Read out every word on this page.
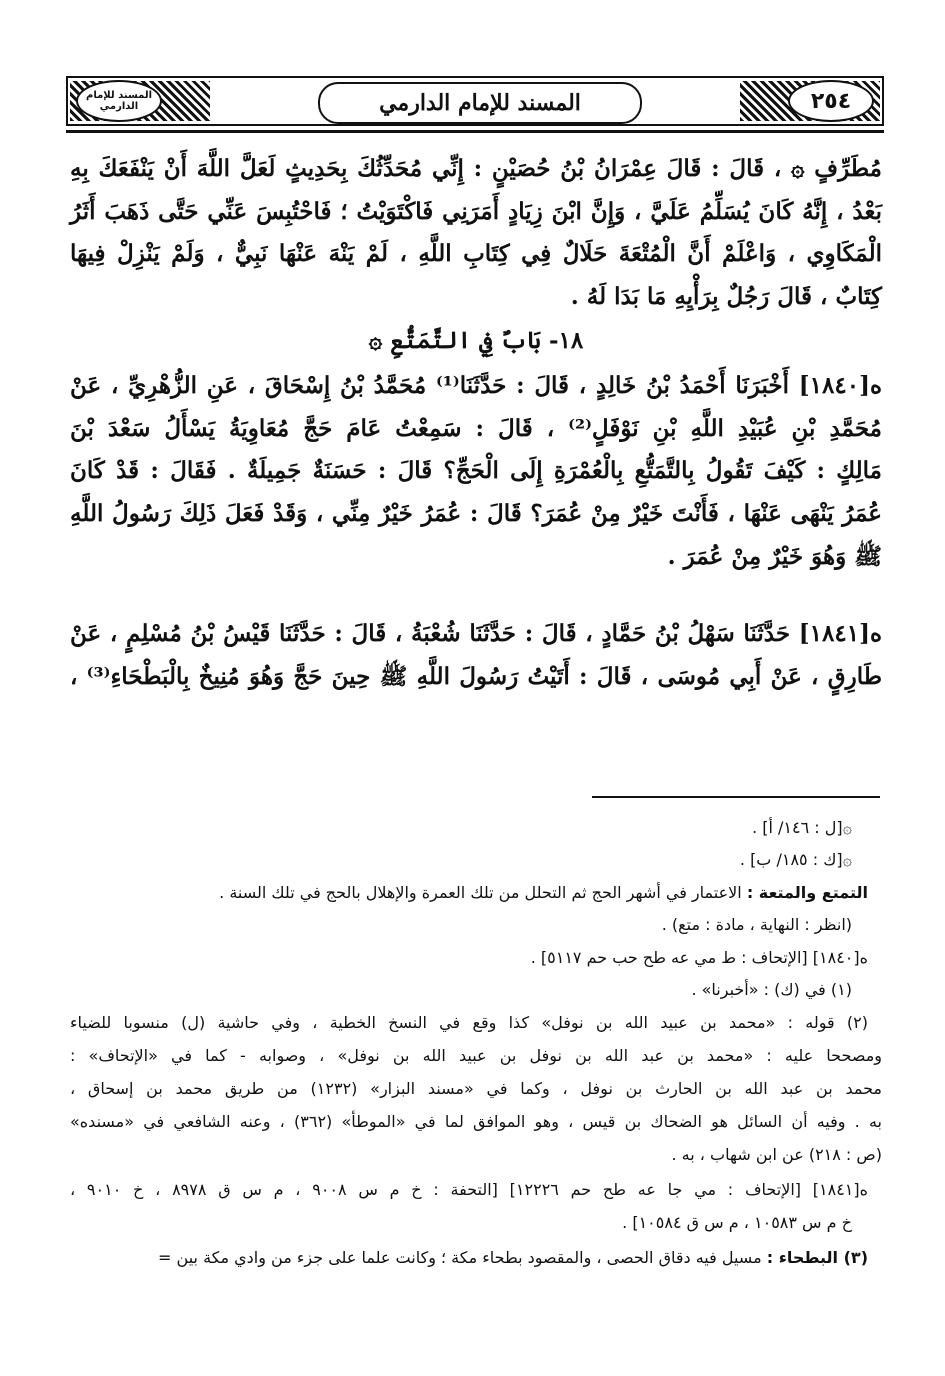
المسند للإمام الدارمي	المسند للإمام الدارمي	٢٥٤
مُطَرِّفٍ ۞ ، قَالَ : قَالَ عِمْرَانُ بْنُ حُصَيْنٍ : إِنِّي مُحَدِّثُكَ بِحَدِيثٍ لَعَلَّ اللَّهَ أَنْ يَنْفَعَكَ بِهِ
بَعْدُ ، إِنَّهُ كَانَ يُسَلِّمُ عَلَيَّ ، وَإِنَّ ابْنَ زِيَادٍ أَمَرَنِي فَاكْتَوَيْتُ ؛ فَاحْتُبِسَ عَنِّي حَتَّى ذَهَبَ أَثَرُ
الْمَكَاوِي ، وَاعْلَمْ أَنَّ الْمُتْعَةَ حَلَالٌ فِي كِتَابِ اللَّهِ ، لَمْ يَنْهَ عَنْهَا نَبِيٌّ ، وَلَمْ يَنْزِلْ فِيهَا
كِتَابٌ ، قَالَ رَجُلٌ بِرَأْيِهِ مَا بَدَا لَهُ .
١٨- بَابٌ فِي التَّمَتُّعِ ۞
ه[١٨٤٠] أَخْبَرَنَا أَحْمَدُ بْنُ خَالِدٍ ، قَالَ : حَدَّثَنَا⁽¹⁾ مُحَمَّدُ بْنُ إِسْحَاقَ ، عَنِ الزُّهْرِيِّ ، عَنْ
مُحَمَّدِ بْنِ عُبَيْدِ اللَّهِ بْنِ نَوْفَلٍ⁽²⁾ ، قَالَ : سَمِعْتُ عَامَ حَجَّ مُعَاوِيَةُ يَسْأَلُ سَعْدَ بْنَ
مَالِكٍ : كَيْفَ تَقُولُ بِالتَّمَتُّعِ بِالْعُمْرَةِ إِلَى الْحَجِّ؟ قَالَ : حَسَنَةٌ جَمِيلَةٌ . فَقَالَ : قَدْ كَانَ
عُمَرُ يَنْهَى عَنْهَا ، فَأَنْتَ خَيْرٌ مِنْ عُمَرَ؟ قَالَ : عُمَرُ خَيْرٌ مِنِّي ، وَقَدْ فَعَلَ ذَلِكَ رَسُولُ اللَّهِ
ﷺ وَهُوَ خَيْرٌ مِنْ عُمَرَ .
ه[١٨٤١] حَدَّثَنَا سَهْلُ بْنُ حَمَّادٍ ، قَالَ : حَدَّثَنَا شُعْبَةُ ، قَالَ : حَدَّثَنَا قَيْسُ بْنُ مُسْلِمٍ ، عَنْ
طَارِقٍ ، عَنْ أَبِي مُوسَى ، قَالَ : أَتَيْتُ رَسُولَ اللَّهِ ﷺ حِينَ حَجَّ وَهُوَ مُنِيخٌ بِالْبَطْحَاءِ⁽³⁾ ،
۞[ل : ١٤٦/ أ] .
۞[ك : ١٨٥/ ب] .
التمتع والمتعة : الاعتمار في أشهر الحج ثم التحلل من تلك العمرة والإهلال بالحج في تلك السنة .
(انظر : النهاية ، مادة : متع) .
ه[١٨٤٠] [الإتحاف : ط مي عه طح حب حم ٥١١٧] .
(١) في (ك) : «أخبرنا» .
(٢) قوله : «محمد بن عبيد الله بن نوفل» كذا وقع في النسخ الخطية ، وفي حاشية (ل) منسوبا للضياء
ومصححا عليه : «محمد بن عبد الله بن نوفل بن عبيد الله بن نوفل» ، وصوابه - كما في «الإتحاف» :
محمد بن عبد الله بن الحارث بن نوفل ، وكما في «مسند البزار» (١٢٣٢) من طريق محمد بن إسحاق ،
به . وفيه أن السائل هو الضحاك بن قيس ، وهو الموافق لما في «الموطأ» (٣٦٢) ، وعنه الشافعي في «مسنده»
(ص : ٢١٨) عن ابن شهاب ، به .
ه[١٨٤١] [الإتحاف : مي جا عه طح حم ١٢٢٢٦] [التحفة : خ م س ٩٠٠٨ ، م س ق ٨٩٧٨ ، خ ٩٠١٠ ،
خ م س ١٠٥٨٣ ، م س ق ١٠٥٨٤] .
(٣) البطحاء : مسيل فيه دقاق الحصى ، والمقصود بطحاء مكة ؛ وكانت علما على جزء من وادي مكة بين =
